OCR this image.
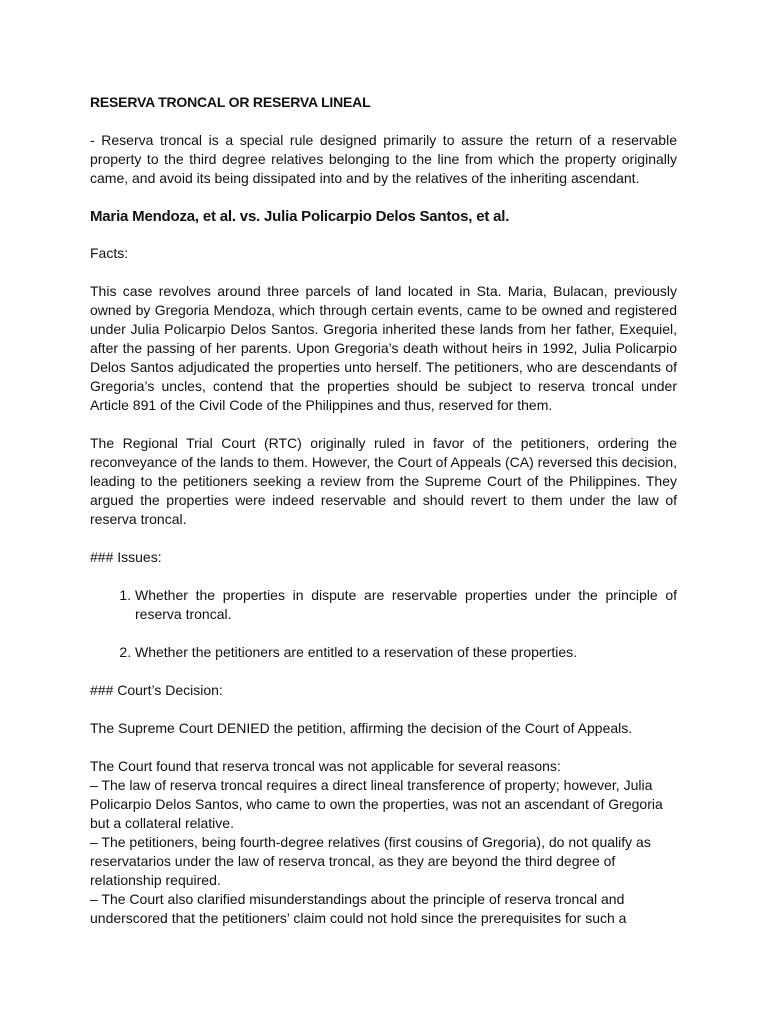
RESERVA TRONCAL OR RESERVA LINEAL

- Reserva troncal is a special rule designed primarily to assure the return of a reservable property to the third degree relatives belonging to the line from which the property originally came, and avoid its being dissipated into and by the relatives of the inheriting ascendant.

Maria Mendoza, et al. vs. Julia Policarpio Delos Santos, et al.
Facts:

This case revolves around three parcels of land located in Sta. Maria, Bulacan, previously owned by Gregoria Mendoza, which through certain events, came to be owned and registered under Julia Policarpio Delos Santos. Gregoria inherited these lands from her father, Exequiel, after the passing of her parents. Upon Gregoria’s death without heirs in 1992, Julia Policarpio Delos Santos adjudicated the properties unto herself. The petitioners, who are descendants of Gregoria’s uncles, contend that the properties should be subject to reserva troncal under Article 891 of the Civil Code of the Philippines and thus, reserved for them.

The Regional Trial Court (RTC) originally ruled in favor of the petitioners, ordering the reconveyance of the lands to them. However, the Court of Appeals (CA) reversed this decision, leading to the petitioners seeking a review from the Supreme Court of the Philippines. They argued the properties were indeed reservable and should revert to them under the law of reserva troncal.

### Issues:
1. Whether the properties in dispute are reservable properties under the principle of reserva troncal.
2. Whether the petitioners are entitled to a reservation of these properties.
### Court’s Decision:

The Supreme Court DENIED the petition, affirming the decision of the Court of Appeals.

The Court found that reserva troncal was not applicable for several reasons:
– The law of reserva troncal requires a direct lineal transference of property; however, Julia Policarpio Delos Santos, who came to own the properties, was not an ascendant of Gregoria but a collateral relative.
– The petitioners, being fourth-degree relatives (first cousins of Gregoria), do not qualify as reservatarios under the law of reserva troncal, as they are beyond the third degree of relationship required.
– The Court also clarified misunderstandings about the principle of reserva troncal and underscored that the petitioners’ claim could not hold since the prerequisites for such a
